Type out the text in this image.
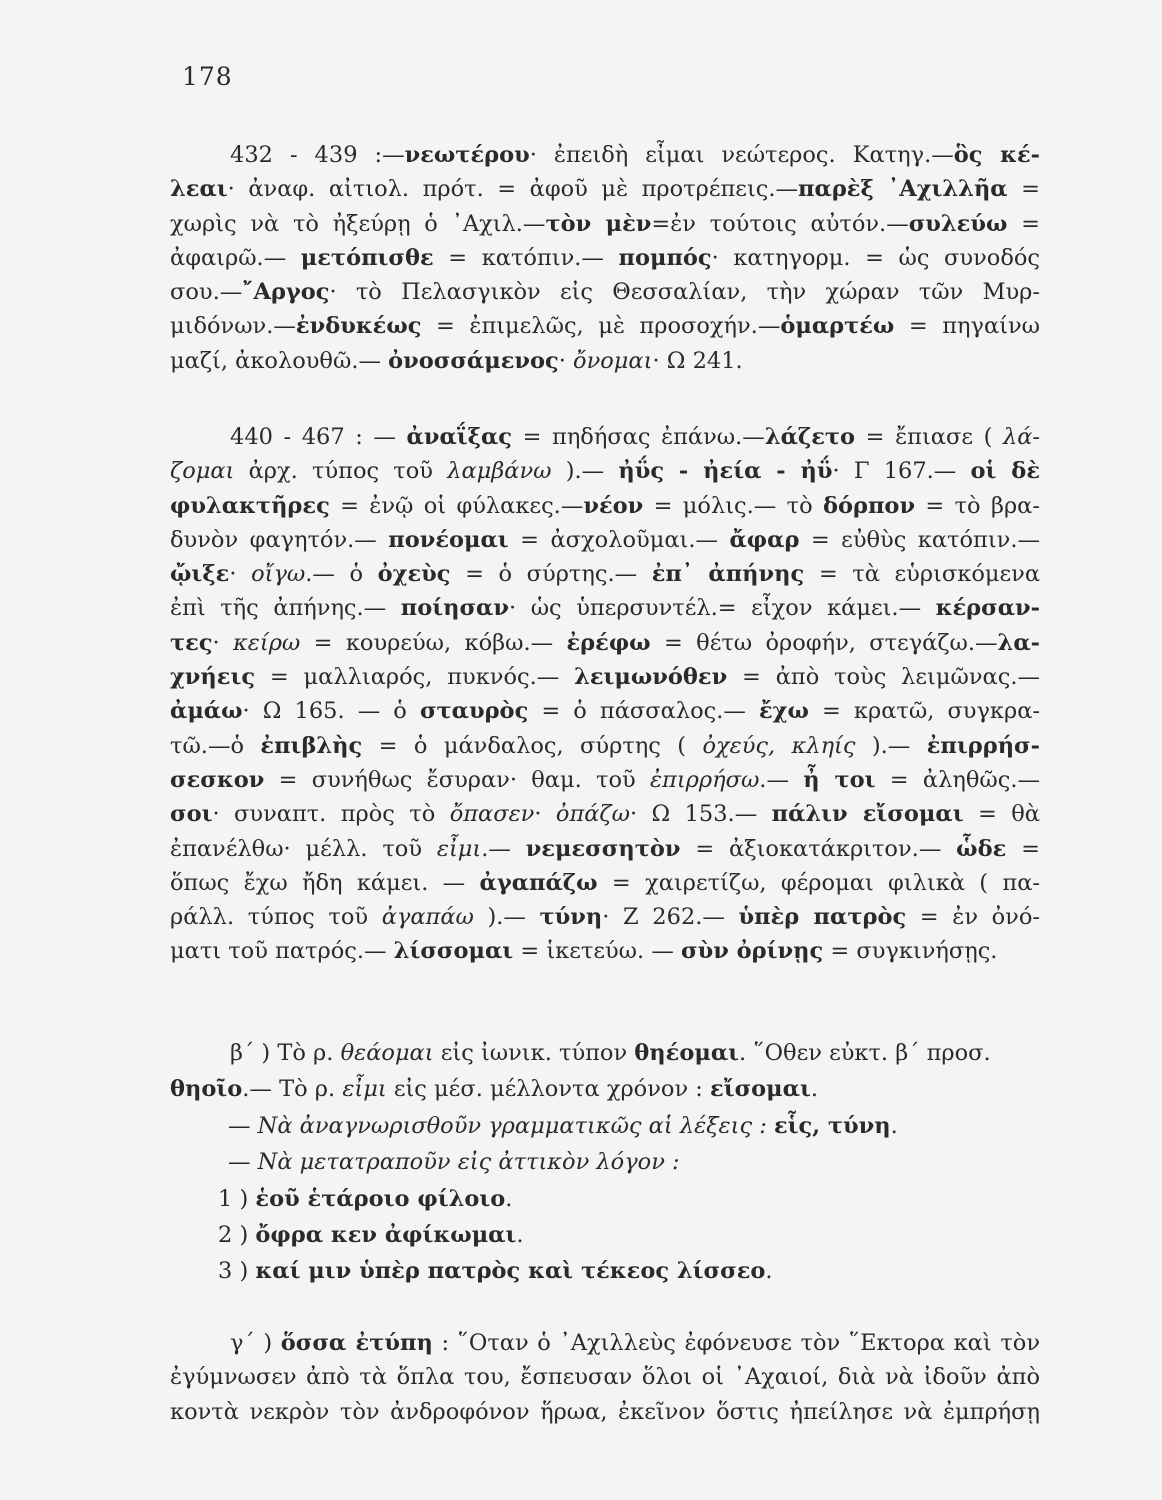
178
432 - 439 :—νεωτέρου· ἐπειδὴ εἶμαι νεώτερος. Κατηγ.—ὃς κέ-
λεαι· ἀναφ. αἰτιολ. πρότ. = ἀφοῦ μὲ προτρέπεις.—παρὲξ ᾿Αχιλλῆα =
χωρὶς νὰ τὸ ἠξεύρῃ ὁ ᾿Αχιλ.—τὸν μὲν=ἐν τούτοις αὐτόν.—συλεύω =
ἀφαιρῶ.— μετόπισθε = κατόπιν.— πομπός· κατηγορμ. = ὡς συνοδός
σου.—῎Αργος· τὸ Πελασγικὸν εἰς Θεσσαλίαν, τὴν χώραν τῶν Μυρ-
μιδόνων.—ἐνδυκέως = ἐπιμελῶς, μὲ προσοχήν.—ὁμαρτέω = πηγαίνω
μαζί, ἀκολουθῶ.— ὀνοσσάμενος· ὄνομαι· Ω 241.
440 - 467 : — ἀναΐξας = πηδήσας ἐπάνω.—λάζετο = ἔπιασε ( λά-
ζομαι ἀρχ. τύπος τοῦ λαμβάνω ).— ἠΰς - ἠεία - ἠΰ· Γ 167.— οἱ δὲ
φυλακτῆρες = ἐνῷ οἱ φύλακες.—νέον = μόλις.— τὸ δόρπον = τὸ βρα-
δυνὸν φαγητόν.— πονέομαι = ἀσχολοῦμαι.— ἄφαρ = εὐθὺς κατόπιν.—
ᾤιξε· οἴγω.— ὁ ὀχεὺς = ὁ σύρτης.— ἐπ᾽ ἀπήνης = τὰ εὑρισκόμενα
ἐπὶ τῆς ἀπήνης.— ποίησαν· ὡς ὑπερσυντέλ.= εἶχον κάμει.— κέρσαν-
τες· κείρω = κουρεύω, κόβω.— ἐρέφω = θέτω ὀροφήν, στεγάζω.—λα-
χνήεις = μαλλιαρός, πυκνός.— λειμωνόθεν = ἀπὸ τοὺς λειμῶνας.—
ἀμάω· Ω 165. — ὁ σταυρὸς = ὁ πάσσαλος.— ἔχω = κρατῶ, συγκρα-
τῶ.—ὁ ἐπιβλὴς = ὁ μάνδαλος, σύρτης ( ὀχεύς, κληίς ).— ἐπιρρήσ-
σεσκον = συνήθως ἔσυραν· θαμ. τοῦ ἐπιρρήσω.— ἦ τοι = ἀληθῶς.—
σοι· συναπτ. πρὸς τὸ ὄπασεν· ὀπάζω· Ω 153.— πάλιν εἴσομαι = θὰ
ἐπανέλθω· μέλλ. τοῦ εἶμι.— νεμεσσητὸν = ἀξιοκατάκριτον.— ὧδε =
ὅπως ἔχω ἤδη κάμει. — ἀγαπάζω = χαιρετίζω, φέρομαι φιλικὰ ( πα-
ράλλ. τύπος τοῦ ἀγαπάω ).— τύνη· Ζ 262.— ὑπὲρ πατρὸς = ἐν ὀνό-
ματι τοῦ πατρός.— λίσσομαι = ἱκετεύω. — σὺν ὀρίνῃς = συγκινήσῃς.
β΄ ) Τὸ ρ. θεάομαι εἰς ἰωνικ. τύπον θηέομαι. ῞Οθεν εὐκτ. β΄ προσ.
θηοῖο.— Τὸ ρ. εἶμι εἰς μέσ. μέλλοντα χρόνον : εἴσομαι.
— Νὰ ἀναγνωρισθοῦν γραμματικῶς αἱ λέξεις : εἷς, τύνη.
— Νὰ μετατραποῦν εἰς ἀττικὸν λόγον :
1 ) ἑοῦ ἑτάροιο φίλοιο.
2 ) ὄφρα κεν ἀφίκωμαι.
3 ) καί μιν ὑπὲρ πατρὸς καὶ τέκεος λίσσεο.
γ΄ ) ὅσσα ἐτύπη : ῞Οταν ὁ ᾿Αχιλλεὺς ἐφόνευσε τὸν ῞Εκτορα καὶ τὸν
ἐγύμνωσεν ἀπὸ τὰ ὅπλα του, ἔσπευσαν ὅλοι οἱ ᾿Αχαιοί, διὰ νὰ ἰδοῦν ἀπὸ
κοντὰ νεκρὸν τὸν ἀνδροφόνον ἥρωα, ἐκεῖνον ὅστις ἠπείλησε νὰ ἐμπρήσῃ
